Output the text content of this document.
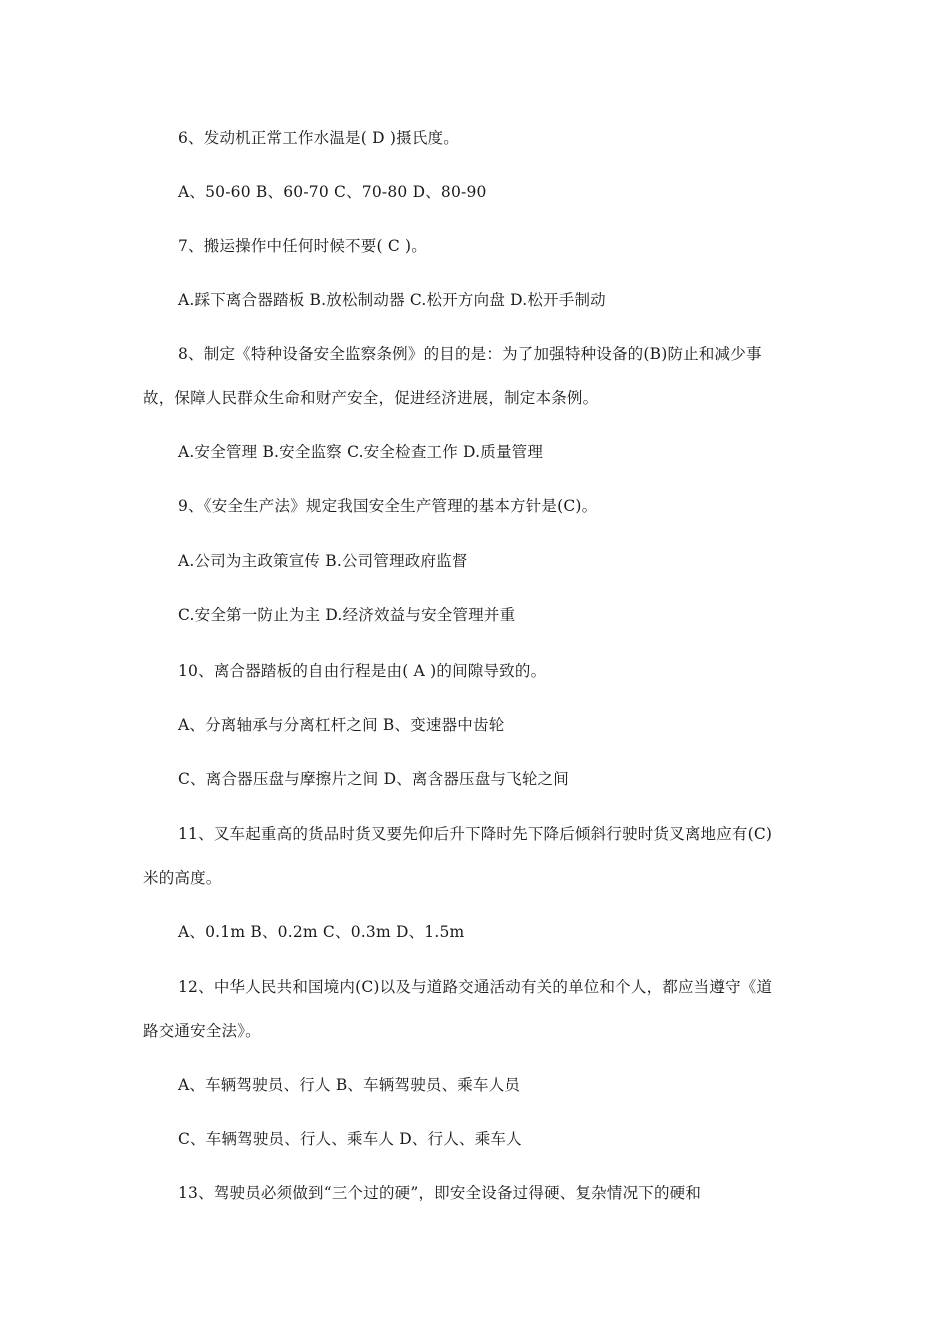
6、发动机正常工作水温是( D )摄氏度。
A、50-60 B、60-70 C、70-80 D、80-90
7、搬运操作中任何时候不要( C )。
A.踩下离合器踏板 B.放松制动器 C.松开方向盘 D.松开手制动
8、制定《特种设备安全监察条例》的目的是：为了加强特种设备的(B)防止和减少事
故，保障人民群众生命和财产安全，促进经济进展，制定本条例。
A.安全管理 B.安全监察 C.安全检查工作 D.质量管理
9、《安全生产法》规定我国安全生产管理的基本方针是(C)。
A.公司为主政策宣传 B.公司管理政府监督
C.安全第一防止为主 D.经济效益与安全管理并重
10、离合器踏板的自由行程是由( A )的间隙导致的。
A、分离轴承与分离杠杆之间 B、变速器中齿轮
C、离合器压盘与摩擦片之间 D、离含器压盘与飞轮之间
11、叉车起重高的货品时货叉要先仰后升下降时先下降后倾斜行驶时货叉离地应有(C)
米的高度。
A、0.1m B、0.2m C、0.3m D、1.5m
12、中华人民共和国境内(C)以及与道路交通活动有关的单位和个人，都应当遵守《道
路交通安全法》。
A、车辆驾驶员、行人 B、车辆驾驶员、乘车人员
C、车辆驾驶员、行人、乘车人 D、行人、乘车人
13、驾驶员必须做到“三个过的硬”，即安全设备过得硬、复杂情况下的硬和
